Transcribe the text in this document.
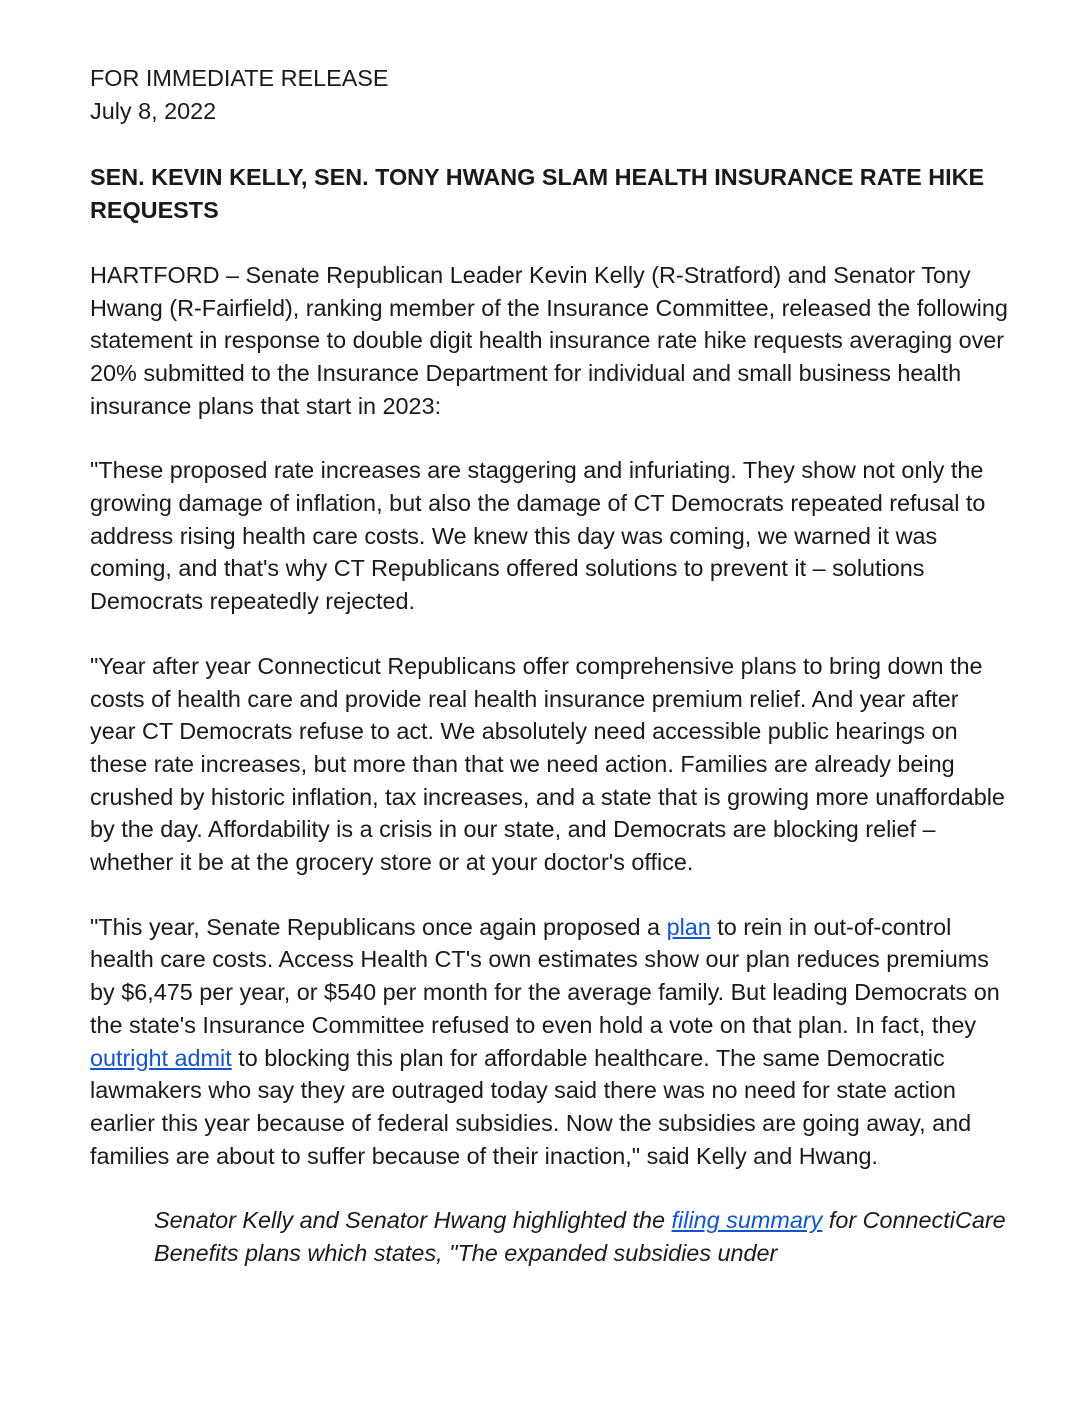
FOR IMMEDIATE RELEASE
July 8, 2022
SEN. KEVIN KELLY, SEN. TONY HWANG SLAM HEALTH INSURANCE RATE HIKE REQUESTS
HARTFORD – Senate Republican Leader Kevin Kelly (R-Stratford) and Senator Tony Hwang (R-Fairfield), ranking member of the Insurance Committee, released the following statement in response to double digit health insurance rate hike requests averaging over 20% submitted to the Insurance Department for individual and small business health insurance plans that start in 2023:
"These proposed rate increases are staggering and infuriating. They show not only the growing damage of inflation, but also the damage of CT Democrats repeated refusal to address rising health care costs. We knew this day was coming, we warned it was coming, and that's why CT Republicans offered solutions to prevent it – solutions Democrats repeatedly rejected.
"Year after year Connecticut Republicans offer comprehensive plans to bring down the costs of health care and provide real health insurance premium relief. And year after year CT Democrats refuse to act. We absolutely need accessible public hearings on these rate increases, but more than that we need action. Families are already being crushed by historic inflation, tax increases, and a state that is growing more unaffordable by the day. Affordability is a crisis in our state, and Democrats are blocking relief – whether it be at the grocery store or at your doctor's office.
"This year, Senate Republicans once again proposed a plan to rein in out-of-control health care costs. Access Health CT's own estimates show our plan reduces premiums by $6,475 per year, or $540 per month for the average family. But leading Democrats on the state's Insurance Committee refused to even hold a vote on that plan. In fact, they outright admit to blocking this plan for affordable healthcare. The same Democratic lawmakers who say they are outraged today said there was no need for state action earlier this year because of federal subsidies. Now the subsidies are going away, and families are about to suffer because of their inaction," said Kelly and Hwang.
Senator Kelly and Senator Hwang highlighted the filing summary for ConnectiCare Benefits plans which states, "The expanded subsidies under
